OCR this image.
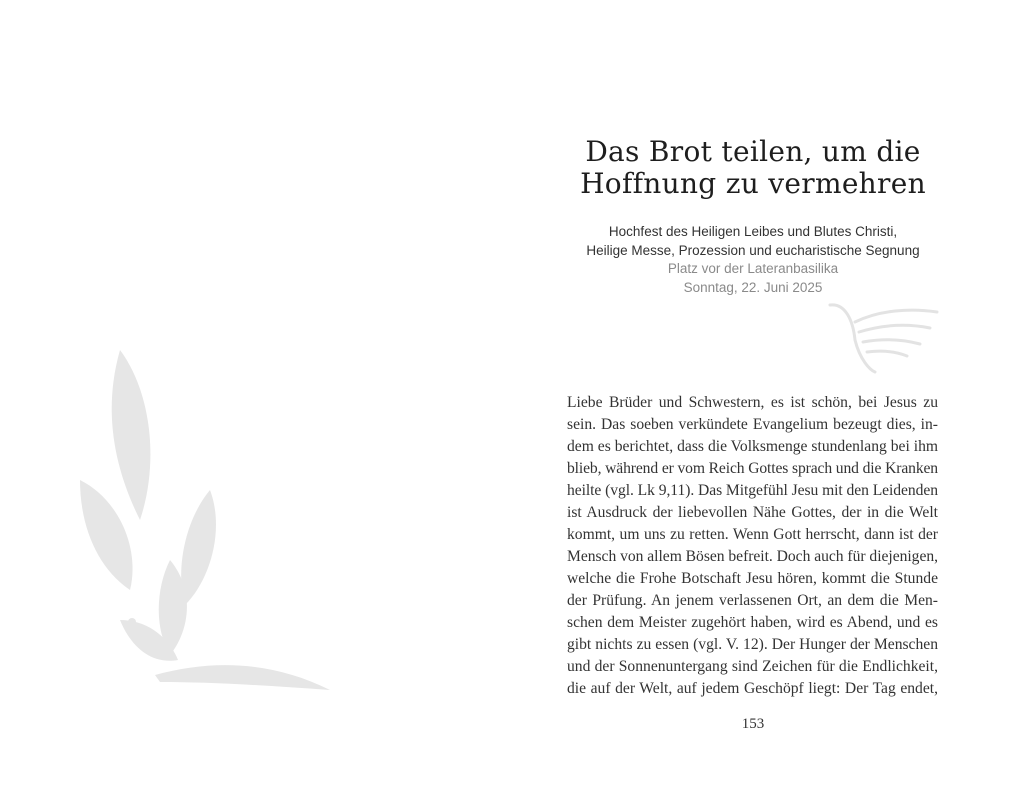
Das Brot teilen, um die
Hoffnung zu vermehren
Hochfest des Heiligen Leibes und Blutes Christi,
Heilige Messe, Prozession und eucharistische Segnung
Platz vor der Lateranbasilika
Sonntag, 22. Juni 2025
Liebe Brüder und Schwestern, es ist schön, bei Jesus zu
sein. Das soeben verkündete Evangelium bezeugt dies, in-
dem es berichtet, dass die Volksmenge stundenlang bei ihm
blieb, während er vom Reich Gottes sprach und die Kranken
heilte (vgl. Lk 9,11). Das Mitgefühl Jesu mit den Leidenden
ist Ausdruck der liebevollen Nähe Gottes, der in die Welt
kommt, um uns zu retten. Wenn Gott herrscht, dann ist der
Mensch von allem Bösen befreit. Doch auch für diejenigen,
welche die Frohe Botschaft Jesu hören, kommt die Stunde
der Prüfung. An jenem verlassenen Ort, an dem die Men-
schen dem Meister zugehört haben, wird es Abend, und es
gibt nichts zu essen (vgl. V. 12). Der Hunger der Menschen
und der Sonnenuntergang sind Zeichen für die Endlichkeit,
die auf der Welt, auf jedem Geschöpf liegt: Der Tag endet,
153
